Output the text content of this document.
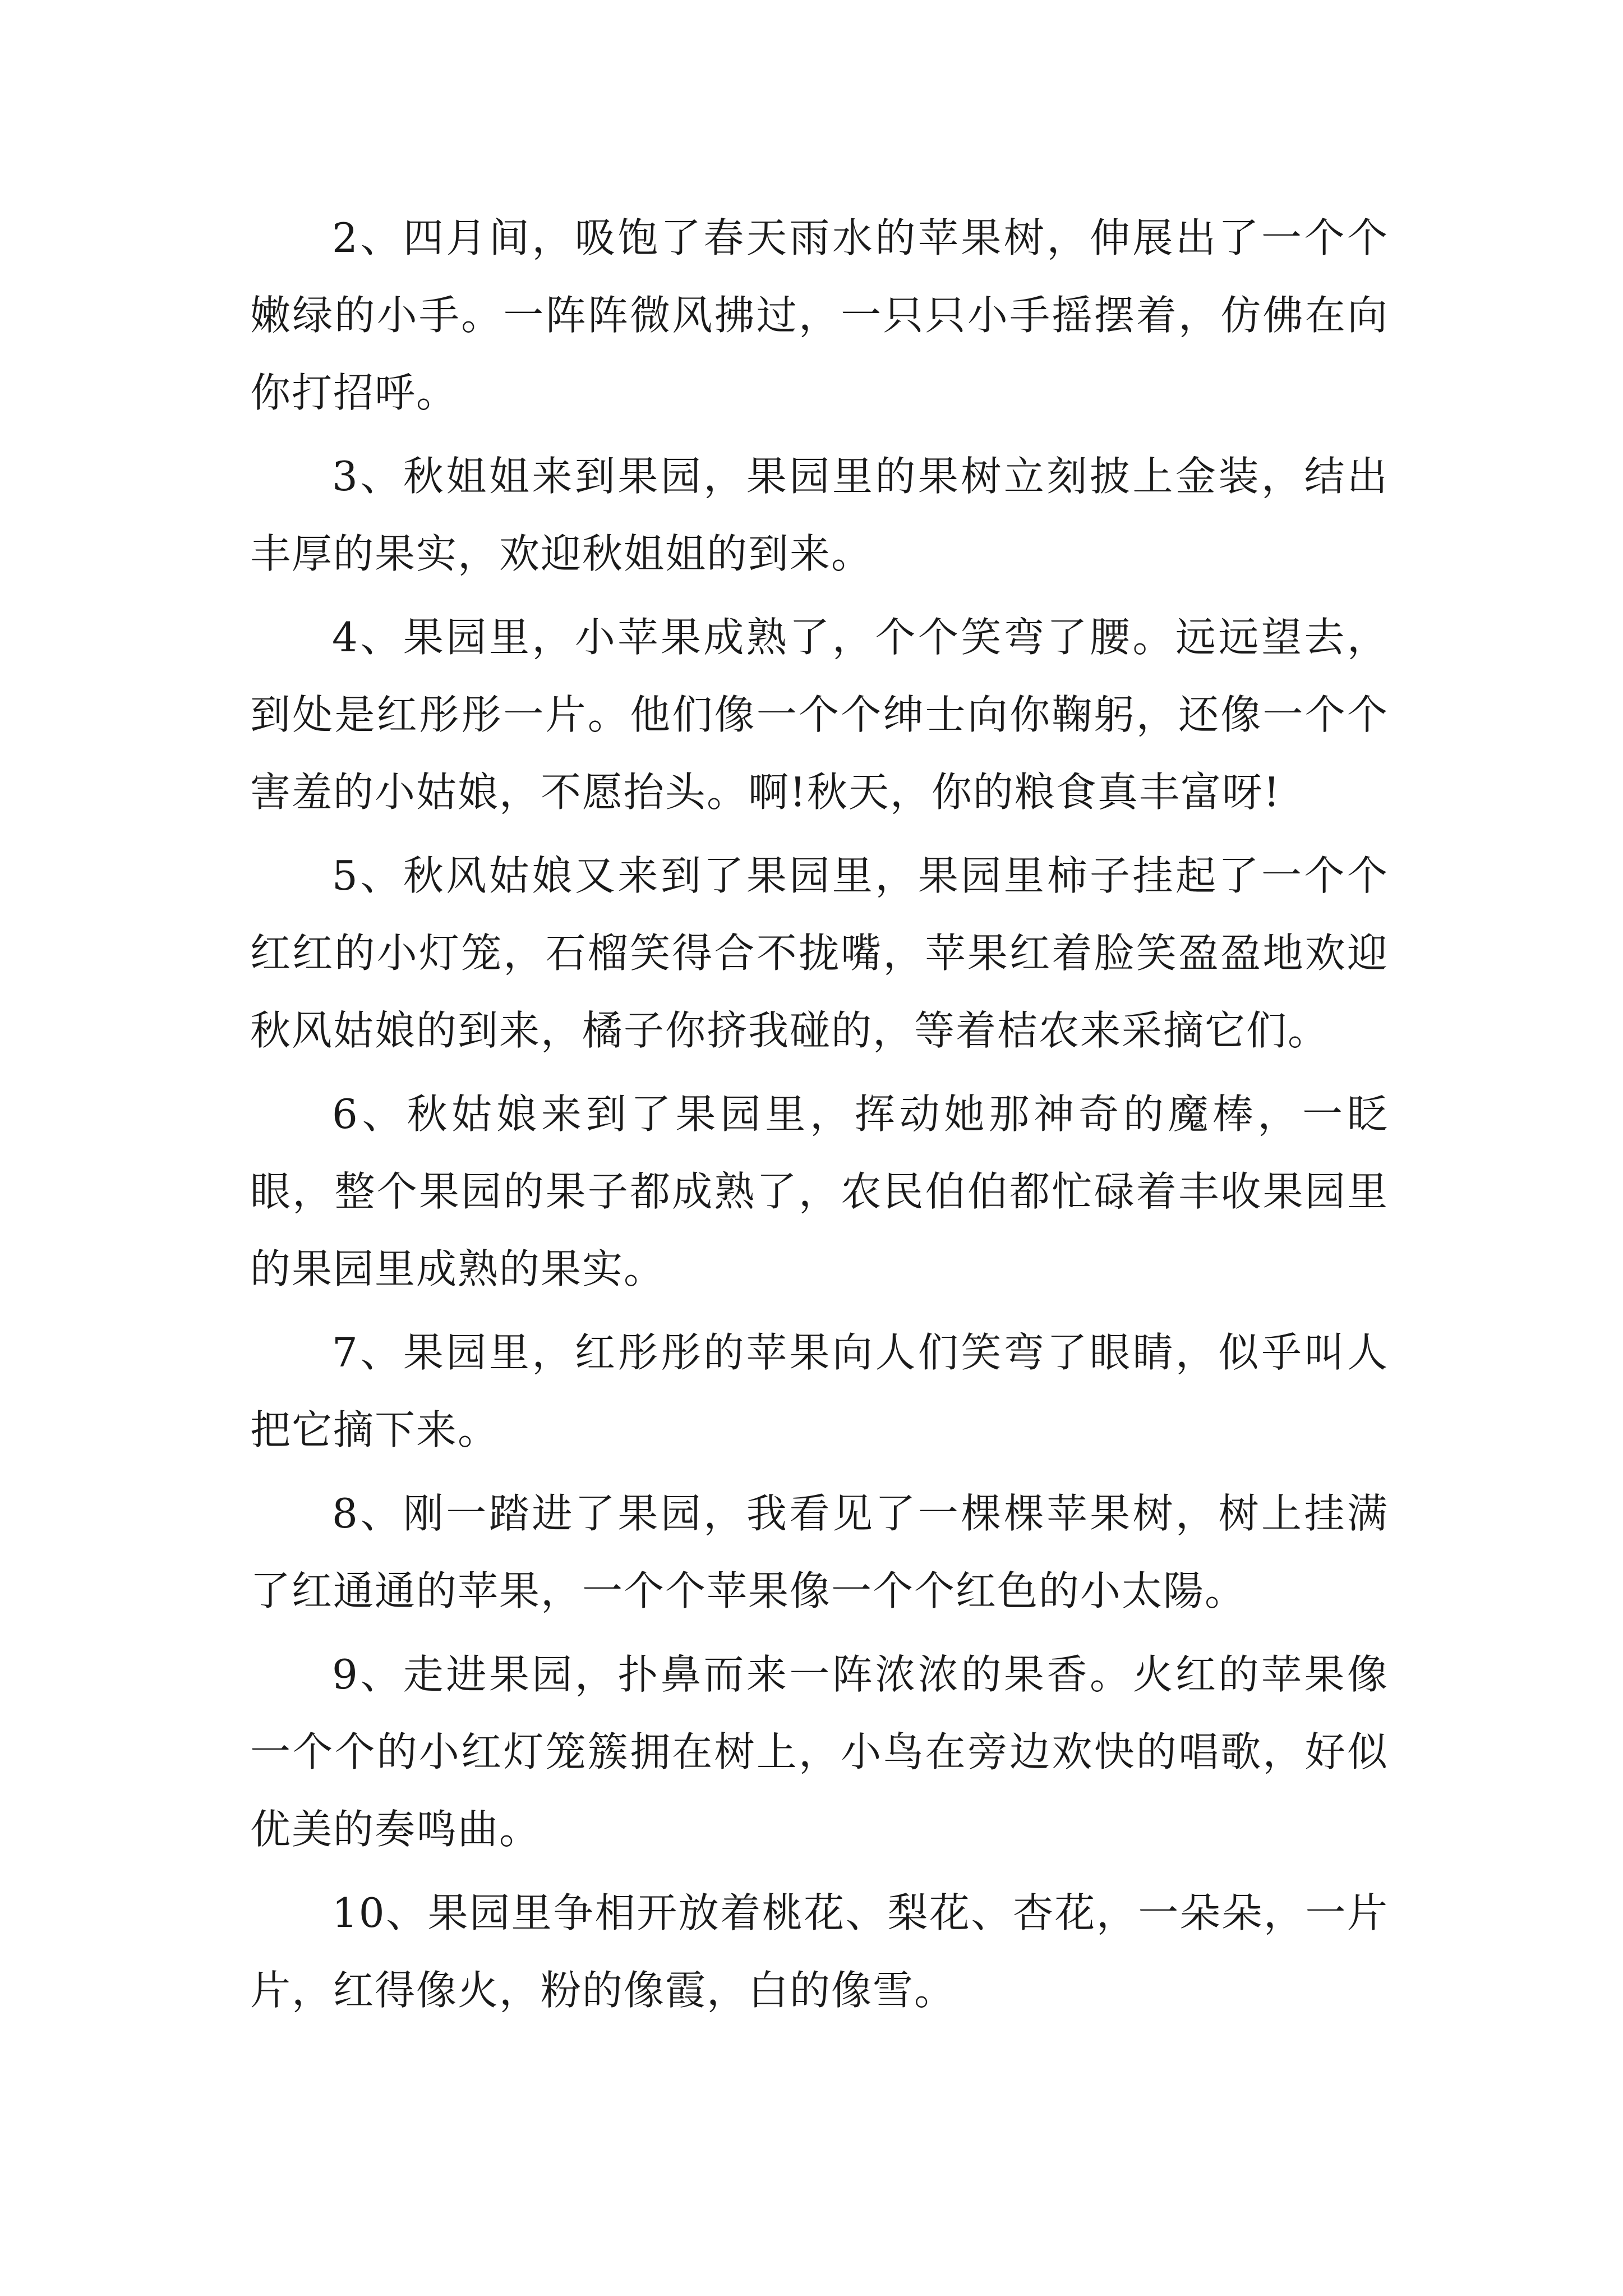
2、四月间，吸饱了春天雨水的苹果树，伸展出了一个个嫩绿的小手。一阵阵微风拂过，一只只小手摇摆着，仿佛在向你打招呼。

3、秋姐姐来到果园，果园里的果树立刻披上金装，结出丰厚的果实，欢迎秋姐姐的到来。

4、果园里，小苹果成熟了，个个笑弯了腰。远远望去，到处是红彤彤一片。他们像一个个绅士向你鞠躬，还像一个个害羞的小姑娘，不愿抬头。啊!秋天，你的粮食真丰富呀!

5、秋风姑娘又来到了果园里，果园里柿子挂起了一个个红红的小灯笼，石榴笑得合不拢嘴，苹果红着脸笑盈盈地欢迎秋风姑娘的到来，橘子你挤我碰的，等着桔农来采摘它们。

6、秋姑娘来到了果园里，挥动她那神奇的魔棒，一眨眼，整个果园的果子都成熟了，农民伯伯都忙碌着丰收果园里的果园里成熟的果实。

7、果园里，红彤彤的苹果向人们笑弯了眼睛，似乎叫人把它摘下来。

8、刚一踏进了果园，我看见了一棵棵苹果树，树上挂满了红通通的苹果，一个个苹果像一个个红色的小太陽。

9、走进果园，扑鼻而来一阵浓浓的果香。火红的苹果像一个个的小红灯笼簇拥在树上，小鸟在旁边欢快的唱歌，好似优美的奏鸣曲。

10、果园里争相开放着桃花、梨花、杏花，一朵朵，一片片，红得像火，粉的像霞，白的像雪。
